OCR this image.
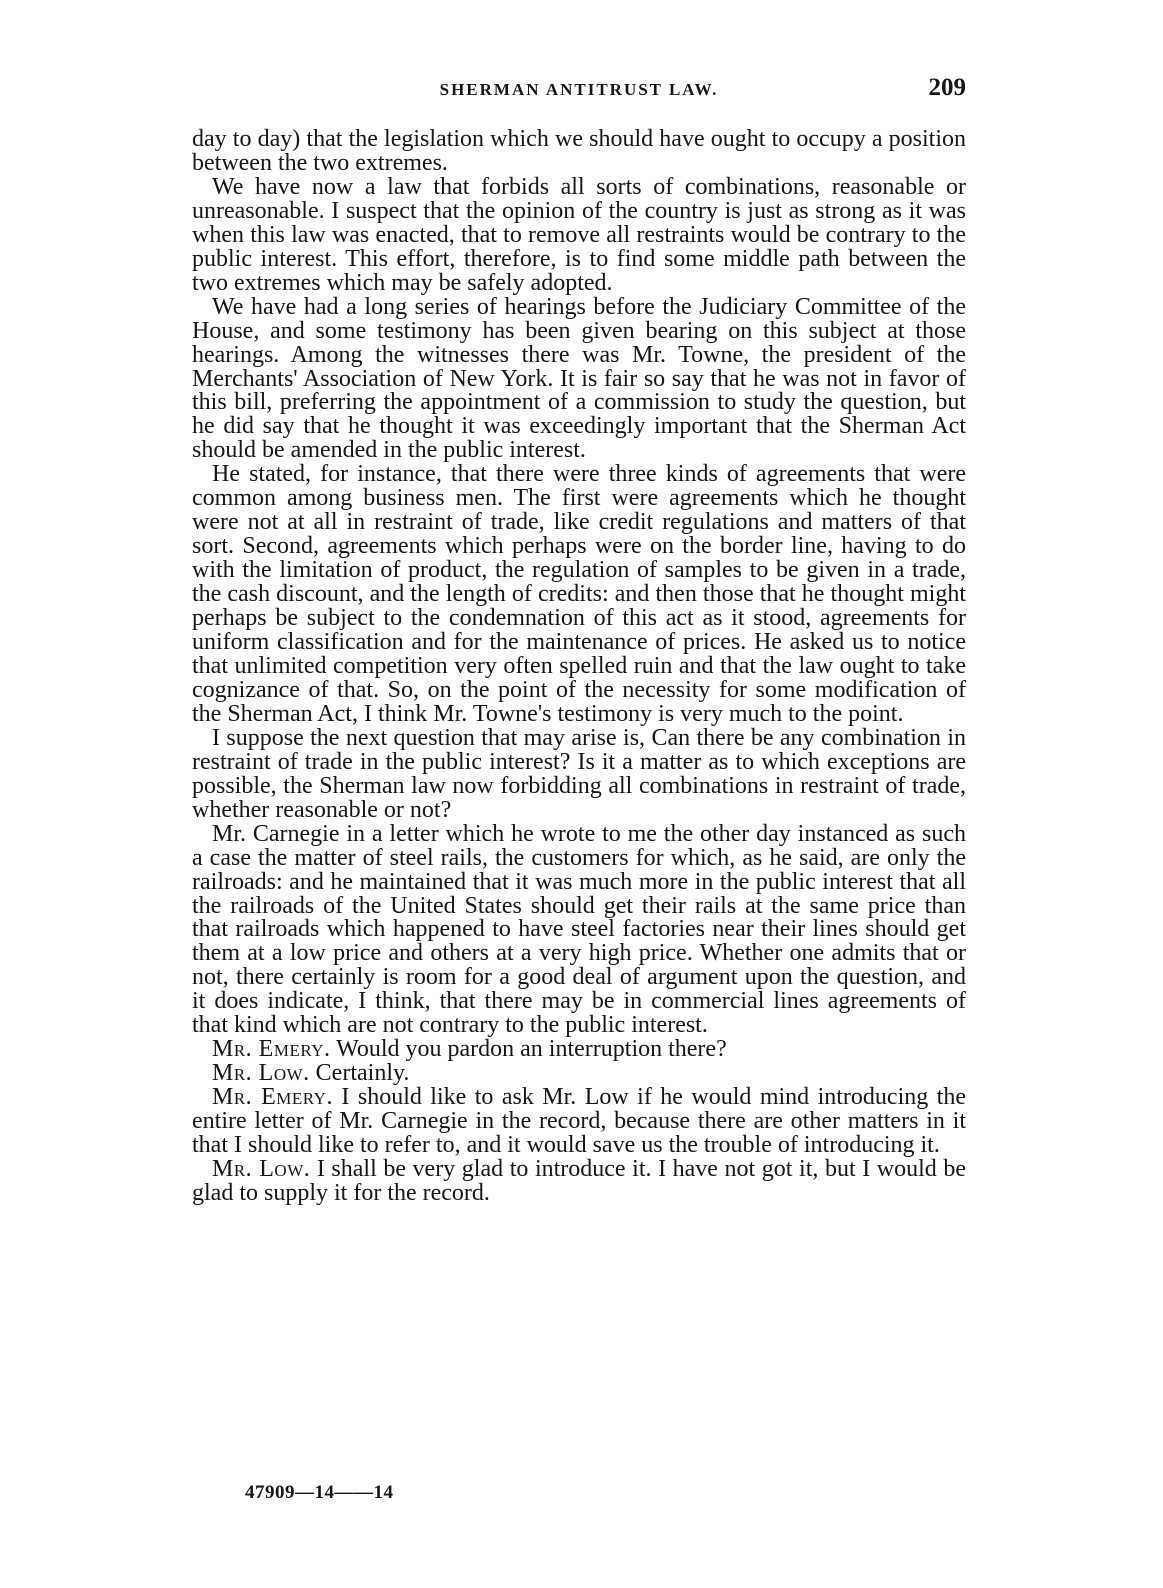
SHERMAN ANTITRUST LAW.	209

day to day) that the legislation which we should have ought to occupy a position between the two extremes.

We have now a law that forbids all sorts of combinations, reasonable or unreasonable. I suspect that the opinion of the country is just as strong as it was when this law was enacted, that to remove all restraints would be contrary to the public interest. This effort, therefore, is to find some middle path between the two extremes which may be safely adopted.

We have had a long series of hearings before the Judiciary Committee of the House, and some testimony has been given bearing on this subject at those hearings. Among the witnesses there was Mr. Towne, the president of the Merchants' Association of New York. It is fair so say that he was not in favor of this bill, preferring the appointment of a commission to study the question, but he did say that he thought it was exceedingly important that the Sherman Act should be amended in the public interest.

He stated, for instance, that there were three kinds of agreements that were common among business men. The first were agreements which he thought were not at all in restraint of trade, like credit regulations and matters of that sort. Second, agreements which perhaps were on the border line, having to do with the limitation of product, the regulation of samples to be given in a trade, the cash discount, and the length of credits: and then those that he thought might perhaps be subject to the condemnation of this act as it stood, agreements for uniform classification and for the maintenance of prices. He asked us to notice that unlimited competition very often spelled ruin and that the law ought to take cognizance of that. So, on the point of the necessity for some modification of the Sherman Act, I think Mr. Towne's testimony is very much to the point.

I suppose the next question that may arise is, Can there be any combination in restraint of trade in the public interest? Is it a matter as to which exceptions are possible, the Sherman law now forbidding all combinations in restraint of trade, whether reasonable or not?

Mr. Carnegie in a letter which he wrote to me the other day instanced as such a case the matter of steel rails, the customers for which, as he said, are only the railroads: and he maintained that it was much more in the public interest that all the railroads of the United States should get their rails at the same price than that railroads which happened to have steel factories near their lines should get them at a low price and others at a very high price. Whether one admits that or not, there certainly is room for a good deal of argument upon the question, and it does indicate, I think, that there may be in commercial lines agreements of that kind which are not contrary to the public interest.

Mr. Emery. Would you pardon an interruption there?

Mr. Low. Certainly.

Mr. Emery. I should like to ask Mr. Low if he would mind introducing the entire letter of Mr. Carnegie in the record, because there are other matters in it that I should like to refer to, and it would save us the trouble of introducing it.

Mr. Low. I shall be very glad to introduce it. I have not got it, but I would be glad to supply it for the record.

47909—14——14
